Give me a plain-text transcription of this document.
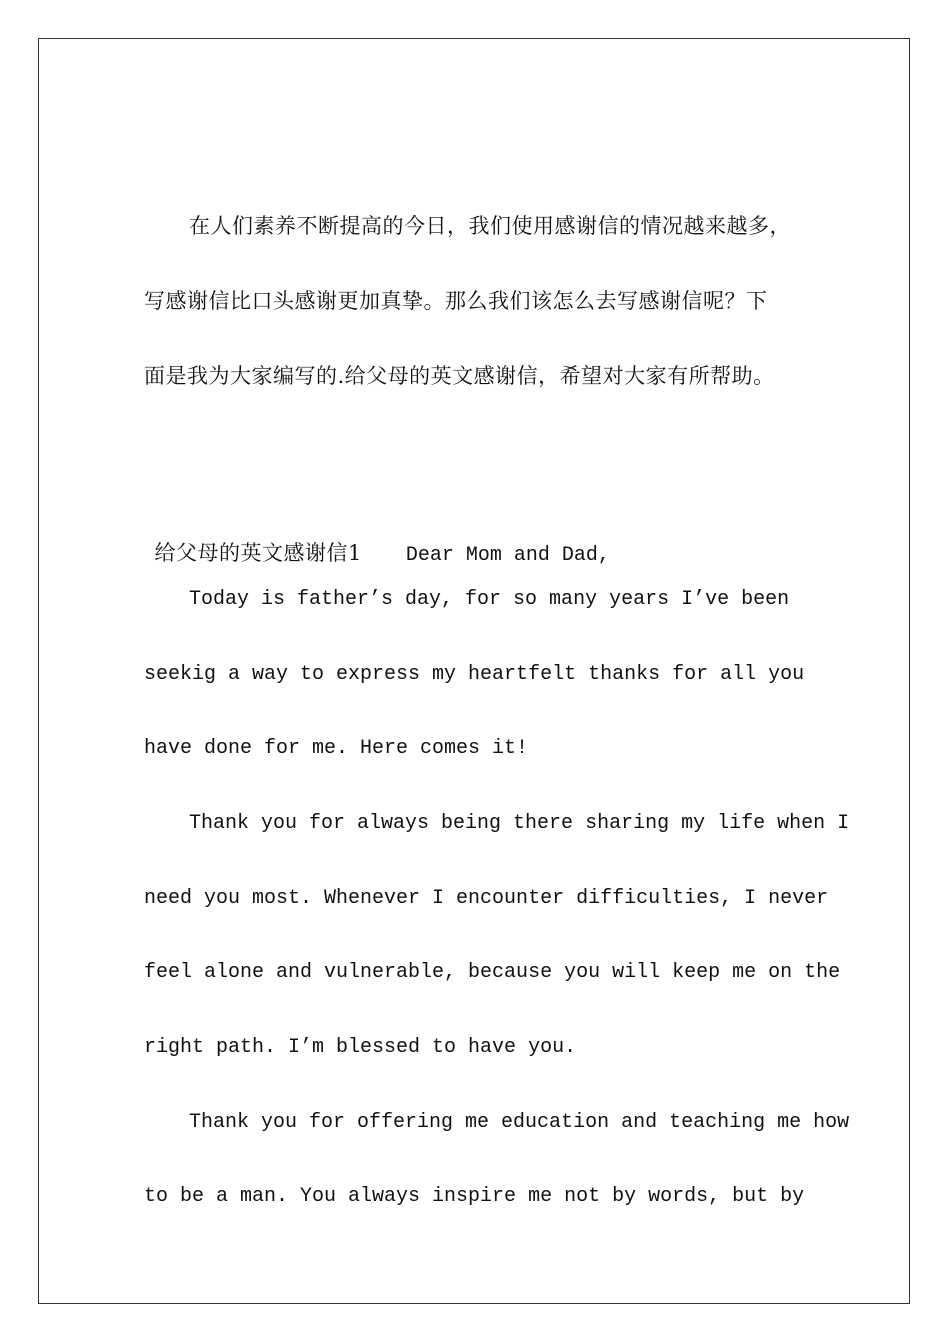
在人们素养不断提高的今日，我们使用感谢信的情况越来越多，
写感谢信比口头感谢更加真挚。那么我们该怎么去写感谢信呢？下
面是我为大家编写的.给父母的英文感谢信，希望对大家有所帮助。

给父母的英文感谢信1 Dear Mom and Dad,

Today is father’s day, for so many years I’ve been
seekig a way to express my heartfelt thanks for all you
have done for me. Here comes it!
Thank you for always being there sharing my life when I
need you most. Whenever I encounter difficulties, I never
feel alone and vulnerable, because you will keep me on the
right path. I’m blessed to have you.
Thank you for offering me education and teaching me how
to be a man. You always inspire me not by words, but by
